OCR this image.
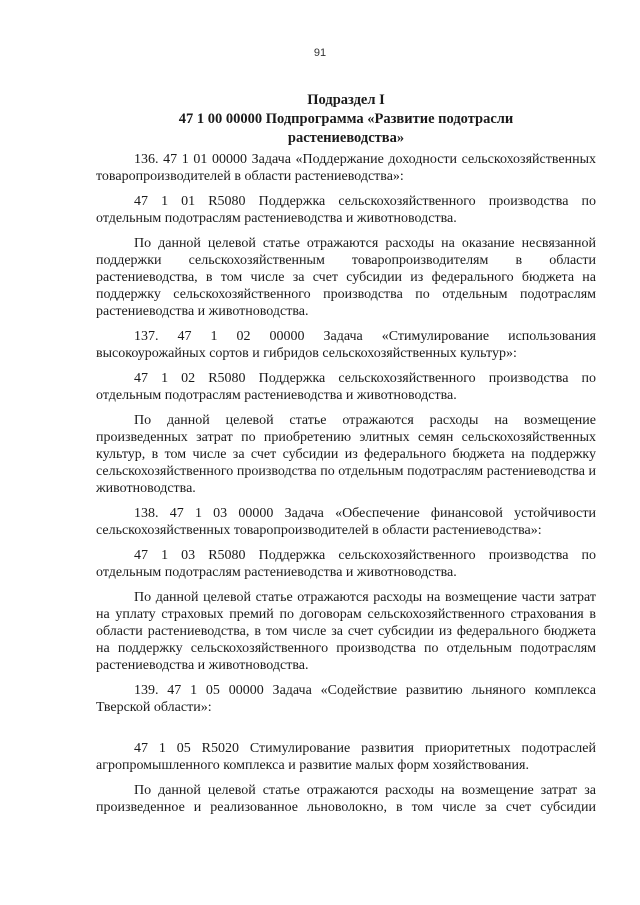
91
Подраздел I
47 1 00 00000 Подпрограмма «Развитие подотрасли
растениеводства»

136. 47 1 01 00000 Задача «Поддержание доходности сельскохозяйственных товаропроизводителей в области растениеводства»:

47 1 01 R5080 Поддержка сельскохозяйственного производства по отдельным подотраслям растениеводства и животноводства.

По данной целевой статье отражаются расходы на оказание несвязанной поддержки сельскохозяйственным товаропроизводителям в области растениеводства, в том числе за счет субсидии из федерального бюджета на поддержку сельскохозяйственного производства по отдельным подотраслям растениеводства и животноводства.

137. 47 1 02 00000 Задача «Стимулирование использования высокоурожайных сортов и гибридов сельскохозяйственных культур»:

47 1 02 R5080 Поддержка сельскохозяйственного производства по отдельным подотраслям растениеводства и животноводства.

По данной целевой статье отражаются расходы на возмещение произведенных затрат по приобретению элитных семян сельскохозяйственных культур, в том числе за счет субсидии из федерального бюджета на поддержку сельскохозяйственного производства по отдельным подотраслям растениеводства и животноводства.

138. 47 1 03 00000 Задача «Обеспечение финансовой устойчивости сельскохозяйственных товаропроизводителей в области растениеводства»:

47 1 03 R5080 Поддержка сельскохозяйственного производства по отдельным подотраслям растениеводства и животноводства.

По данной целевой статье отражаются расходы на возмещение части затрат на уплату страховых премий по договорам сельскохозяйственного страхования в области растениеводства, в том числе за счет субсидии из федерального бюджета на поддержку сельскохозяйственного производства по отдельным подотраслям растениеводства и животноводства.

139. 47 1 05 00000 Задача «Содействие развитию льняного комплекса Тверской области»:

47 1 05 R5020 Стимулирование развития приоритетных подотраслей агропромышленного комплекса и развитие малых форм хозяйствования.

По данной целевой статье отражаются расходы на возмещение затрат за произведенное и реализованное льноволокно, в том числе за счет субсидии
